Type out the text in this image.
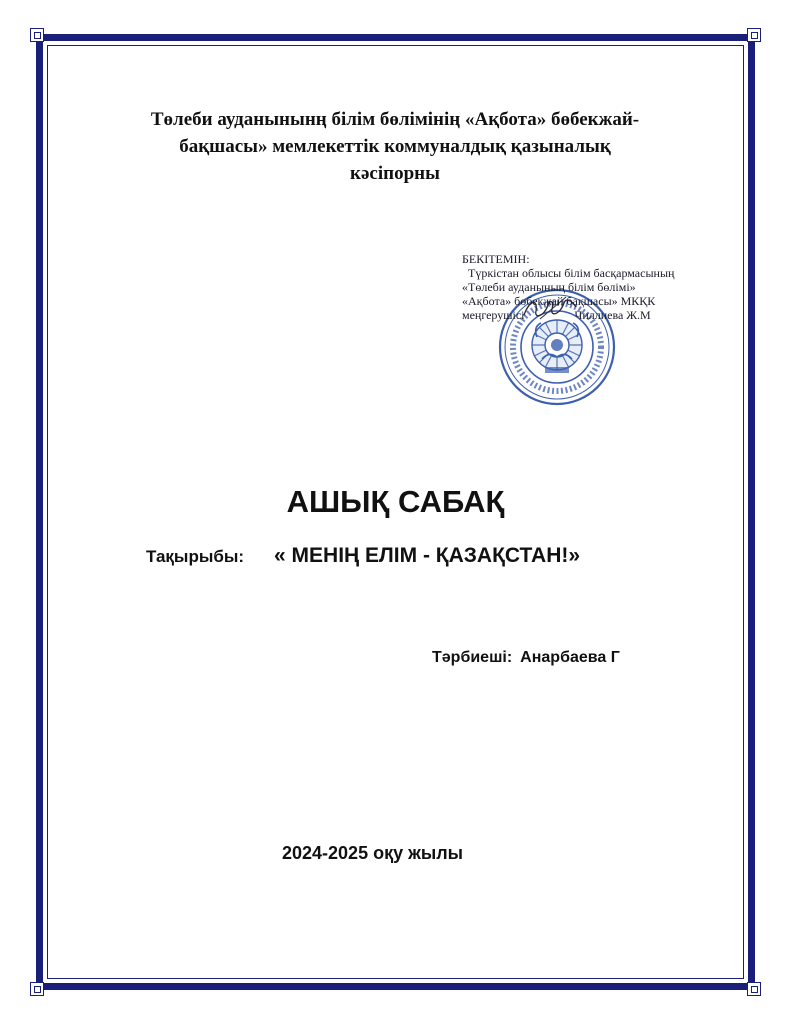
Төлеби ауданынынң білім бөлімінің «Ақбота» бөбекжай-
бақшасы» мемлекеттік коммуналдық қазыналық
кәсіпорны
БЕКІТЕМІН:
Түркістан облысы білім басқармасының
«Төлеби ауданының білім бөлімі»
«Ақбота» бөбекжай бақшасы» МКҚК
меңгерушісі	Чиллиева Ж.М
АШЫҚ САБАҚ
Тақырыбы: « МЕНІҢ ЕЛІМ - ҚАЗАҚСТАН!»
Тәрбиеші: Анарбаева Г
2024-2025 оқу жылы
